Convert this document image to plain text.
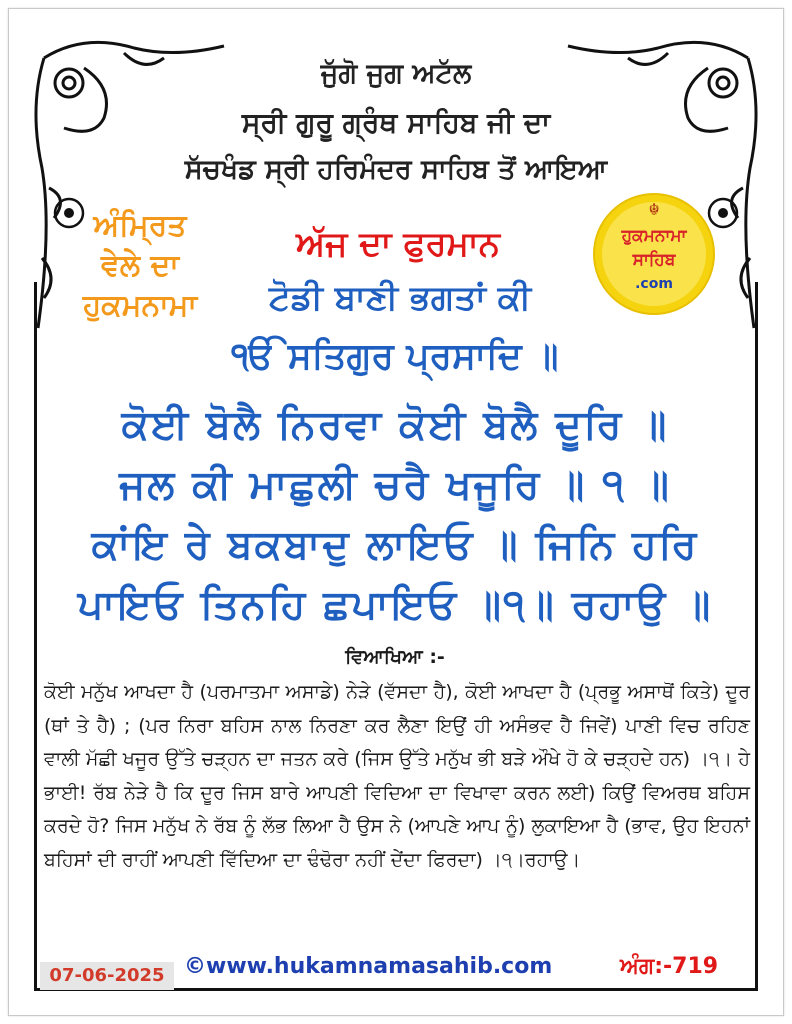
ਜੁੱਗੋ ਜੁਗ ਅਟੱਲ
ਸ੍ਰੀ ਗੁਰੂ ਗ੍ਰੰਥ ਸਾਹਿਬ ਜੀ ਦਾ
ਸੱਚਖੰਡ ਸ੍ਰੀ ਹਰਿਮੰਦਰ ਸਾਹਿਬ ਤੋਂ ਆਇਆ
ਅੰਮ੍ਰਿਤ
ਵੇਲੇ ਦਾ
ਹੁਕਮਨਾਮਾ
ਅੱਜ ਦਾ ਫੁਰਮਾਨ
☬
ਹੁਕਮਨਾਮਾ
ਸਾਹਿਬ
.com
ਟੋਡੀ ਬਾਣੀ ਭਗਤਾਂ ਕੀ
ੴ ਸਤਿਗੁਰ ਪ੍ਰਸਾਦਿ ॥
ਕੋਈ ਬੋਲੈ ਨਿਰਵਾ ਕੋਈ ਬੋਲੈ ਦੂਰਿ ॥
ਜਲ ਕੀ ਮਾਛੁਲੀ ਚਰੈ ਖਜੂਰਿ ॥ ੧ ॥
ਕਾਂਇ ਰੇ ਬਕਬਾਦੁ ਲਾਇਓ ॥ ਜਿਨਿ ਹਰਿ
ਪਾਇਓ ਤਿਨਹਿ ਛਪਾਇਓ ॥੧॥ ਰਹਾਉ ॥
ਵਿਆਖਿਆ :-
ਕੋਈ ਮਨੁੱਖ ਆਖਦਾ ਹੈ (ਪਰਮਾਤਮਾ ਅਸਾਡੇ) ਨੇੜੇ (ਵੱਸਦਾ ਹੈ), ਕੋਈ ਆਖਦਾ ਹੈ (ਪ੍ਰਭੂ ਅਸਾਥੋਂ ਕਿਤੇ) ਦੂਰ (ਥਾਂ ਤੇ ਹੈ) ; (ਪਰ ਨਿਰਾ ਬਹਿਸ ਨਾਲ ਨਿਰਣਾ ਕਰ ਲੈਣਾ ਇਉਂ ਹੀ ਅਸੰਭਵ ਹੈ ਜਿਵੇਂ) ਪਾਣੀ ਵਿਚ ਰਹਿਣ ਵਾਲੀ ਮੱਛੀ ਖਜੂਰ ਉੱਤੇ ਚੜ੍ਹਨ ਦਾ ਜਤਨ ਕਰੇ (ਜਿਸ ਉੱਤੇ ਮਨੁੱਖ ਭੀ ਬੜੇ ਔਖੇ ਹੋ ਕੇ ਚੜ੍ਹਦੇ ਹਨ) ।੧। ਹੇ ਭਾਈ! ਰੱਬ ਨੇੜੇ ਹੈ ਕਿ ਦੂਰ ਜਿਸ ਬਾਰੇ ਆਪਣੀ ਵਿਦਿਆ ਦਾ ਵਿਖਾਵਾ ਕਰਨ ਲਈ) ਕਿਉਂ ਵਿਅਰਥ ਬਹਿਸ ਕਰਦੇ ਹੋ? ਜਿਸ ਮਨੁੱਖ ਨੇ ਰੱਬ ਨੂੰ ਲੱਭ ਲਿਆ ਹੈ ਉਸ ਨੇ (ਆਪਣੇ ਆਪ ਨੂੰ) ਲੁਕਾਇਆ ਹੈ (ਭਾਵ, ਉਹ ਇਹਨਾਂ ਬਹਿਸਾਂ ਦੀ ਰਾਹੀਂ ਆਪਣੀ ਵਿੱਦਿਆ ਦਾ ਢੰਢੋਰਾ ਨਹੀਂ ਦੇਂਦਾ ਫਿਰਦਾ) ।੧।ਰਹਾਉ।
07-06-2025 ©www.hukamnamasahib.com	ਅੰਗ:-719
